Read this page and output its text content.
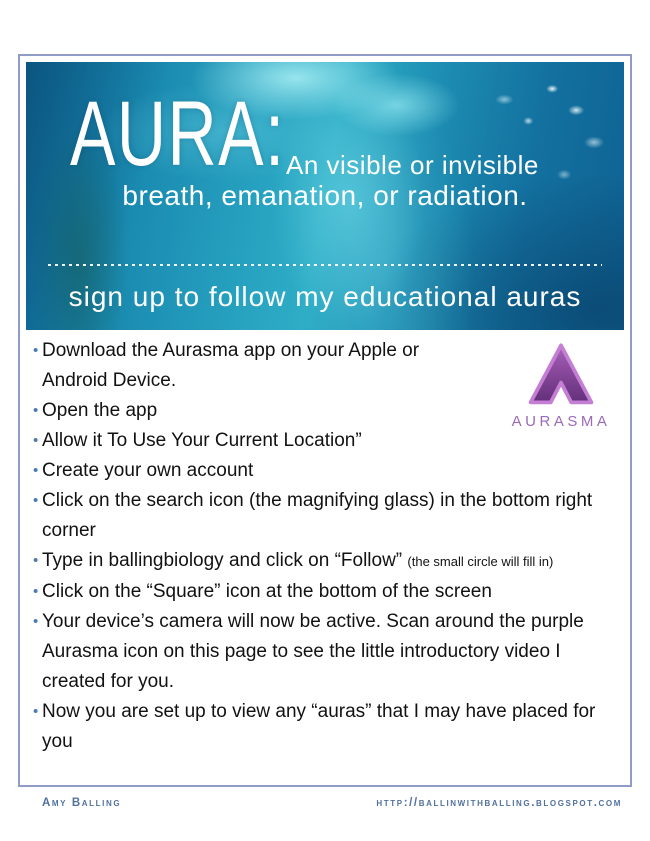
AURA: An visible or invisible
breath, emanation, or radiation.
sign up to follow my educational auras
AURASMA
• Download the Aurasma app on your Apple or Android Device.
• Open the app
• Allow it To Use Your Current Location”
• Create your own account
• Click on the search icon (the magnifying glass) in the bottom right corner
• Type in ballingbiology and click on “Follow” (the small circle will fill in)
• Click on the “Square” icon at the bottom of the screen
• Your device’s camera will now be active. Scan around the purple Aurasma icon on this page to see the little introductory video I created for you.
• Now you are set up to view any “auras” that I may have placed for you
Amy Balling	http://ballinwithballing.blogspot.com
